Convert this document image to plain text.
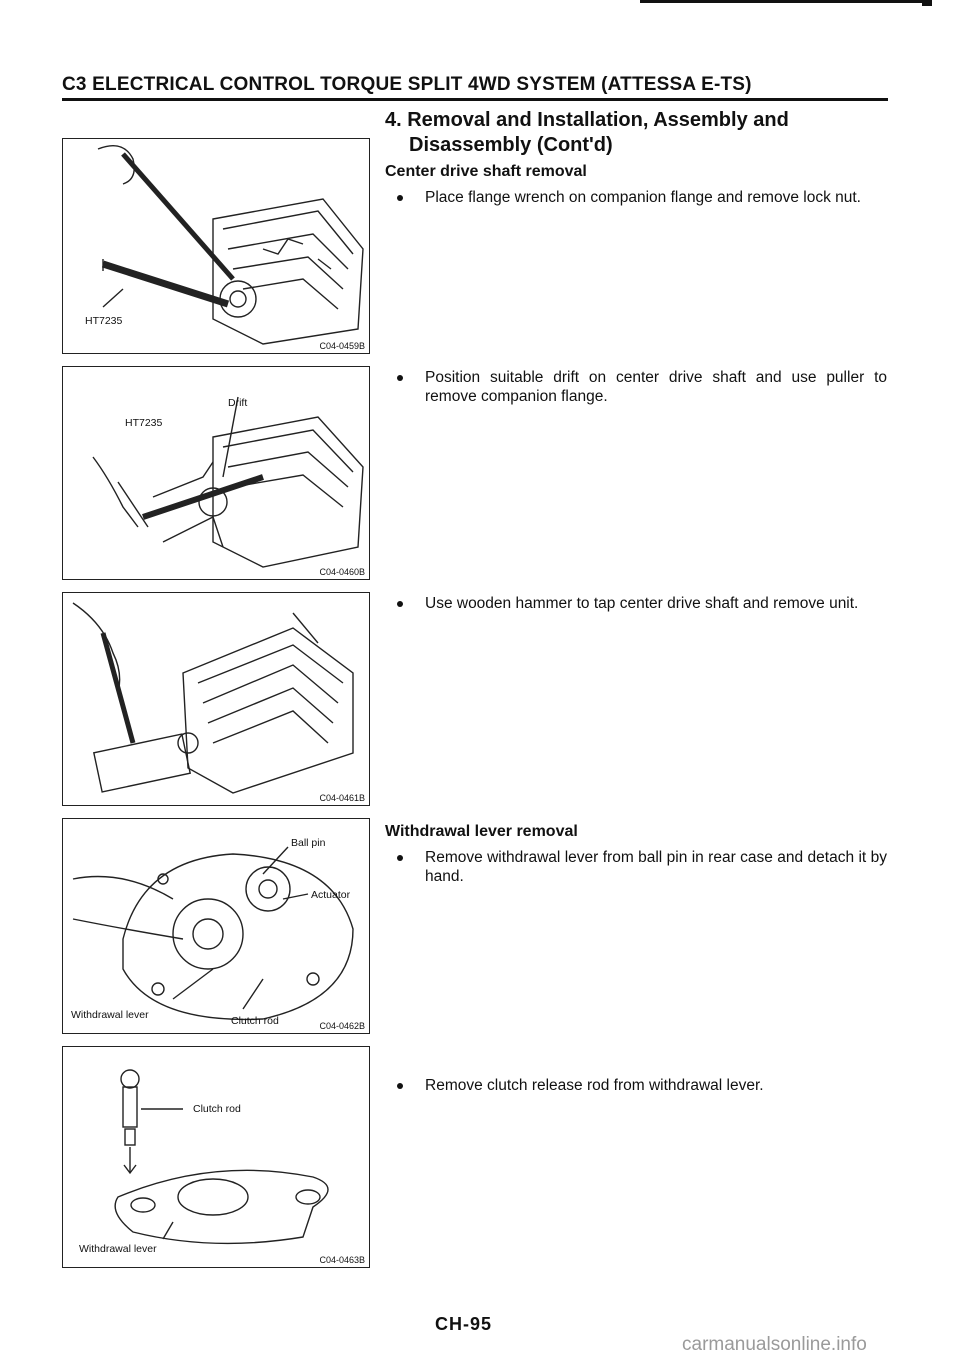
C3 ELECTRICAL CONTROL TORQUE SPLIT 4WD SYSTEM (ATTESSA E-TS)
4. Removal and Installation, Assembly and
Disassembly (Cont'd)
Center drive shaft removal
Place flange wrench on companion flange and remove lock nut.
Position suitable drift on center drive shaft and use puller to remove companion flange.
Use wooden hammer to tap center drive shaft and remove unit.
Withdrawal lever removal
Remove withdrawal lever from ball pin in rear case and detach it by hand.
Remove clutch release rod from withdrawal lever.
HT7235
C04-0459B
HT7235
Drift
C04-0460B
C04-0461B
Ball pin
Actuator
Withdrawal lever	Clutch rod	C04-0462B
Clutch rod
Withdrawal lever
C04-0463B
CH-95
carmanualsonline.info
